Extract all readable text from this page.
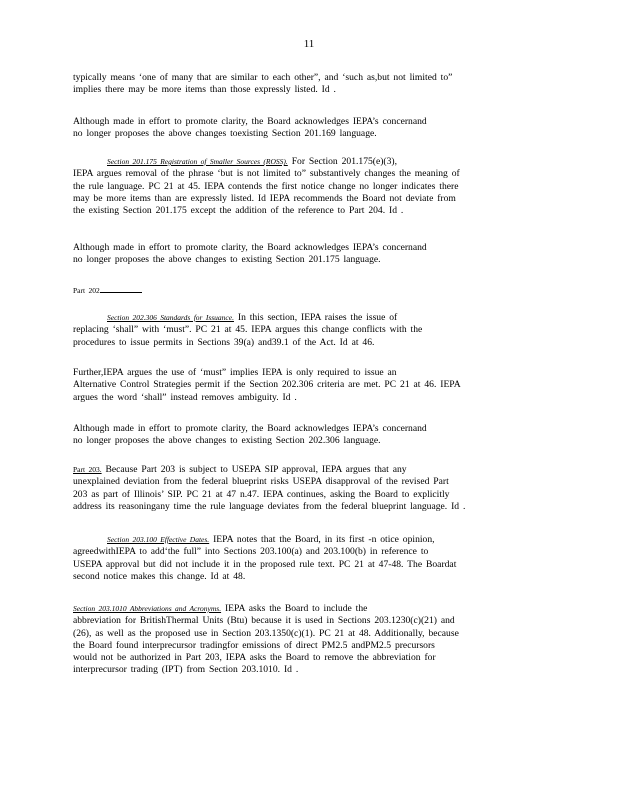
11
typically means ‘one of many that are similar to each other”, and ‘such as,but not limited to”
implies there may be more items than those expressly listed. Id .
Although made in effort to promote clarity, the Board acknowledges IEPA’s concernand
no longer proposes the above changes toexisting Section 201.169 language.
Section 201.175 Registration of Smaller Sources (ROSS). For Section 201.175(e)(3),
IEPA argues removal of the phrase ‘but is not limited to” substantively changes the meaning of
the rule language. PC 21 at 45. IEPA contends the first notice change no longer indicates there
may be more items than are expressly listed. Id IEPA recommends the Board not deviate from
the existing Section 201.175 except the addition of the reference to Part 204. Id .
Although made in effort to promote clarity, the Board acknowledges IEPA’s concernand
no longer proposes the above changes to existing Section 201.175 language.
Part 202
Section 202.306 Standards for Issuance. In this section, IEPA raises the issue of
replacing ‘shall” with ‘must”. PC 21 at 45. IEPA argues this change conflicts with the
procedures to issue permits in Sections 39(a) and39.1 of the Act. Id at 46.
Further,IEPA argues the use of ‘must” implies IEPA is only required to issue an
Alternative Control Strategies permit if the Section 202.306 criteria are met. PC 21 at 46. IEPA
argues the word ‘shall” instead removes ambiguity. Id .
Although made in effort to promote clarity, the Board acknowledges IEPA’s concernand
no longer proposes the above changes to existing Section 202.306 language.
Part 203. Because Part 203 is subject to USEPA SIP approval, IEPA argues that any
unexplained deviation from the federal blueprint risks USEPA disapproval of the revised Part
203 as part of Illinois’ SIP. PC 21 at 47 n.47. IEPA continues, asking the Board to explicitly
address its reasoningany time the rule language deviates from the federal blueprint language. Id .
Section 203.100 Effective Dates. IEPA notes that the Board, in its first -n otice opinion,
agreedwithIEPA to add‘the full” into Sections 203.100(a) and 203.100(b) in reference to
USEPA approval but did not include it in the proposed rule text. PC 21 at 47-48. The Boardat
second notice makes this change. Id at 48.
Section 203.1010 Abbreviations and Acronyms. IEPA asks the Board to include the
abbreviation for BritishThermal Units (Btu) because it is used in Sections 203.1230(c)(21) and
(26), as well as the proposed use in Section 203.1350(c)(1). PC 21 at 48. Additionally, because
the Board found interprecursor tradingfor emissions of direct PM2.5 andPM2.5 precursors
would not be authorized in Part 203, IEPA asks the Board to remove the abbreviation for
interprecursor trading (IPT) from Section 203.1010. Id .
